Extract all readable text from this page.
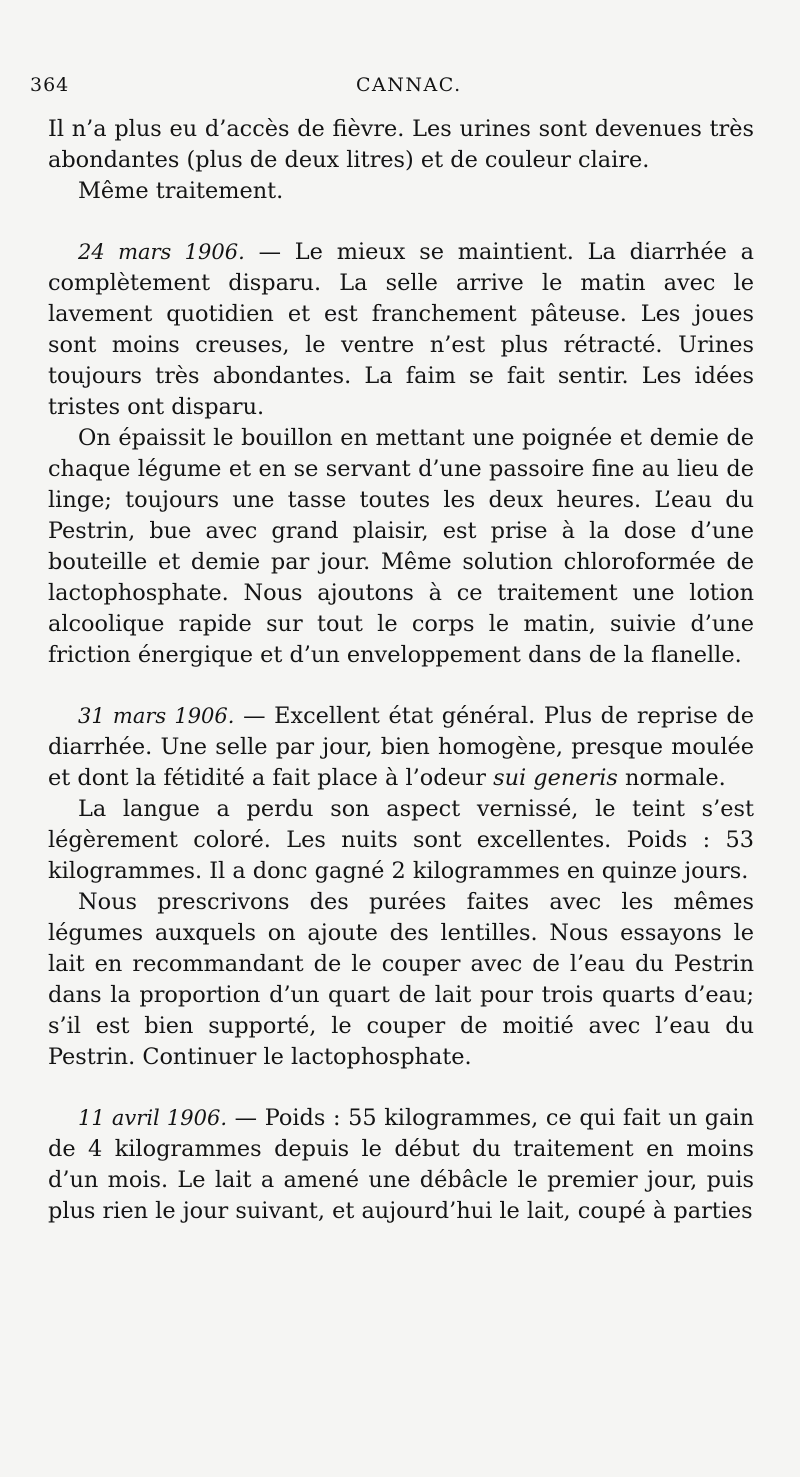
364	CANNAC.

Il n’a plus eu d’accès de fièvre. Les urines sont devenues très abondantes (plus de deux litres) et de couleur claire.

Même traitement.

24 mars 1906. — Le mieux se maintient. La diarrhée a complètement disparu. La selle arrive le matin avec le lavement quotidien et est franchement pâteuse. Les joues sont moins creuses, le ventre n’est plus rétracté. Urines toujours très abondantes. La faim se fait sentir. Les idées tristes ont disparu.

On épaissit le bouillon en mettant une poignée et demie de chaque légume et en se servant d’une passoire fine au lieu de linge; toujours une tasse toutes les deux heures. L’eau du Pestrin, bue avec grand plaisir, est prise à la dose d’une bouteille et demie par jour. Même solution chloroformée de lactophosphate. Nous ajoutons à ce traitement une lotion alcoolique rapide sur tout le corps le matin, suivie d’une friction énergique et d’un enveloppement dans de la flanelle.

31 mars 1906. — Excellent état général. Plus de reprise de diarrhée. Une selle par jour, bien homogène, presque moulée et dont la fétidité a fait place à l’odeur sui generis normale.

La langue a perdu son aspect vernissé, le teint s’est légèrement coloré. Les nuits sont excellentes. Poids : 53 kilogrammes. Il a donc gagné 2 kilogrammes en quinze jours.

Nous prescrivons des purées faites avec les mêmes légumes auxquels on ajoute des lentilles. Nous essayons le lait en recommandant de le couper avec de l’eau du Pestrin dans la proportion d’un quart de lait pour trois quarts d’eau; s’il est bien supporté, le couper de moitié avec l’eau du Pestrin. Continuer le lactophosphate.

11 avril 1906. — Poids : 55 kilogrammes, ce qui fait un gain de 4 kilogrammes depuis le début du traitement en moins d’un mois. Le lait a amené une débâcle le premier jour, puis plus rien le jour suivant, et aujourd’hui le lait, coupé à parties
